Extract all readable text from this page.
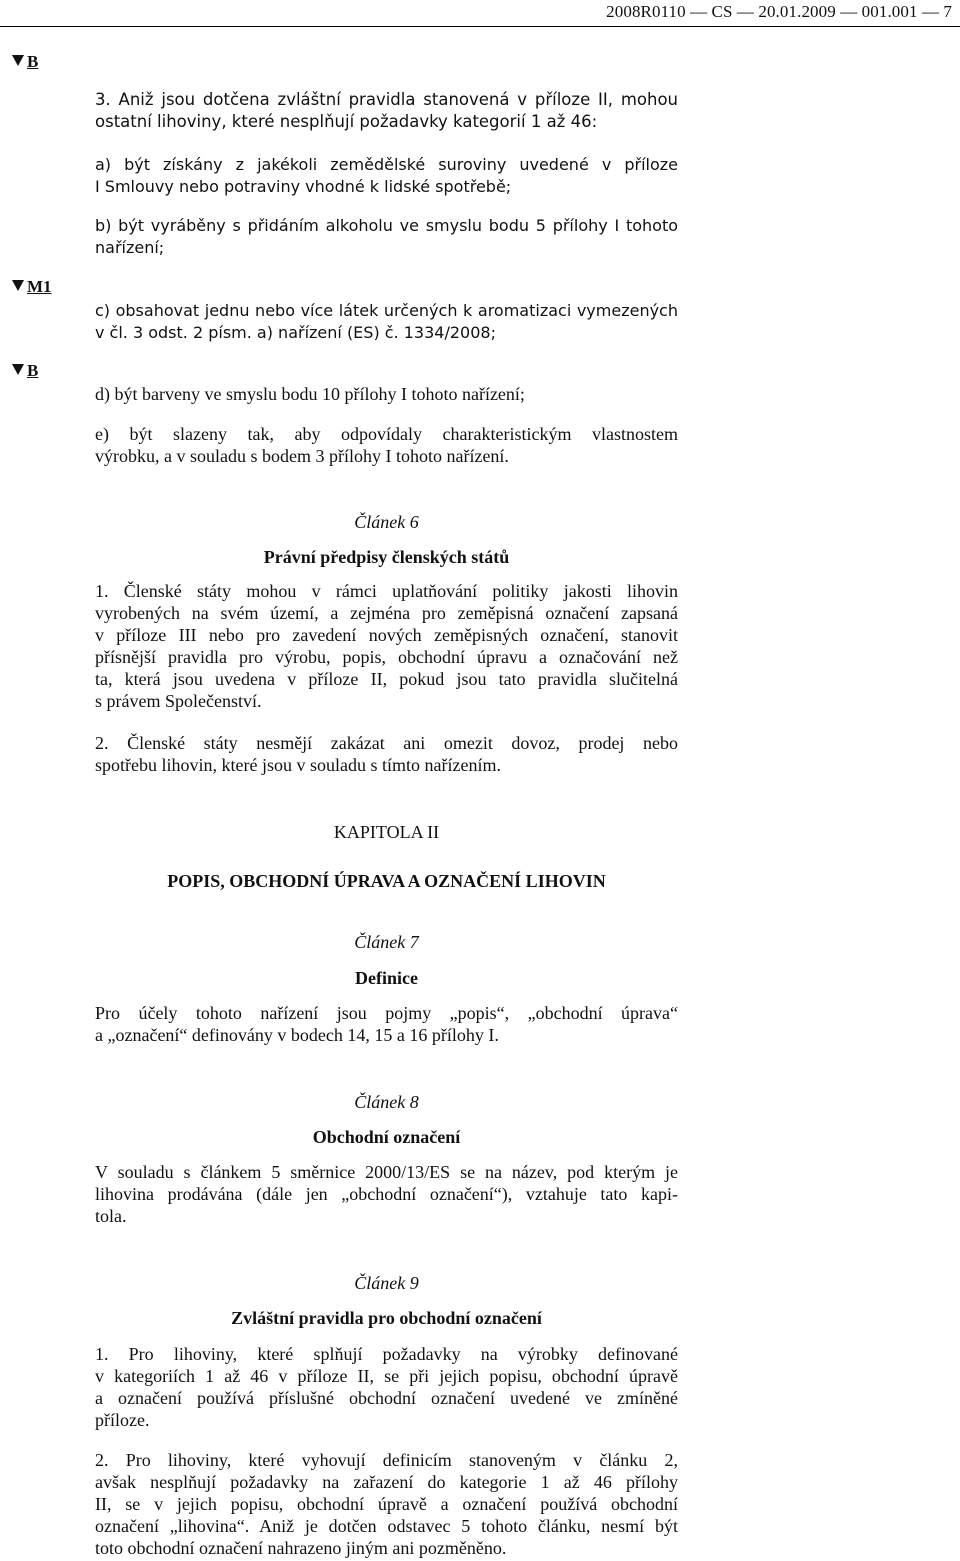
2008R0110 — CS — 20.01.2009 — 001.001 — 7
B
3. Aniž jsou dotčena zvláštní pravidla stanovená v příloze II, mohou
ostatní lihoviny, které nesplňují požadavky kategorií 1 až 46:
a) být získány z jakékoli zemědělské suroviny uvedené v příloze
I Smlouvy nebo potraviny vhodné k lidské spotřebě;
b) být vyráběny s přidáním alkoholu ve smyslu bodu 5 přílohy I tohoto
nařízení;
M1
c) obsahovat jednu nebo více látek určených k aromatizaci vymezených
v čl. 3 odst. 2 písm. a) nařízení (ES) č. 1334/2008;
B
d) být barveny ve smyslu bodu 10 přílohy I tohoto nařízení;
e) být slazeny tak, aby odpovídaly charakteristickým vlastnostem
výrobku, a v souladu s bodem 3 přílohy I tohoto nařízení.
Článek 6
Právní předpisy členských států
1. Členské státy mohou v rámci uplatňování politiky jakosti lihovin
vyrobených na svém území, a zejména pro zeměpisná označení zapsaná
v příloze III nebo pro zavedení nových zeměpisných označení, stanovit
přísnější pravidla pro výrobu, popis, obchodní úpravu a označování než
ta, která jsou uvedena v příloze II, pokud jsou tato pravidla slučitelná
s právem Společenství.
2. Členské státy nesmějí zakázat ani omezit dovoz, prodej nebo
spotřebu lihovin, které jsou v souladu s tímto nařízením.
KAPITOLA II
POPIS, OBCHODNÍ ÚPRAVA A OZNAČENÍ LIHOVIN
Článek 7
Definice
Pro účely tohoto nařízení jsou pojmy „popis“, „obchodní úprava“
a „označení“ definovány v bodech 14, 15 a 16 přílohy I.
Článek 8
Obchodní označení
V souladu s článkem 5 směrnice 2000/13/ES se na název, pod kterým je
lihovina prodávána (dále jen „obchodní označení“), vztahuje tato kapi-
tola.
Článek 9
Zvláštní pravidla pro obchodní označení
1. Pro lihoviny, které splňují požadavky na výrobky definované
v kategoriích 1 až 46 v příloze II, se při jejich popisu, obchodní úpravě
a označení používá příslušné obchodní označení uvedené ve zmíněné
příloze.
2. Pro lihoviny, které vyhovují definicím stanoveným v článku 2,
avšak nesplňují požadavky na zařazení do kategorie 1 až 46 přílohy
II, se v jejich popisu, obchodní úpravě a označení používá obchodní
označení „lihovina“. Aniž je dotčen odstavec 5 tohoto článku, nesmí být
toto obchodní označení nahrazeno jiným ani pozměněno.
